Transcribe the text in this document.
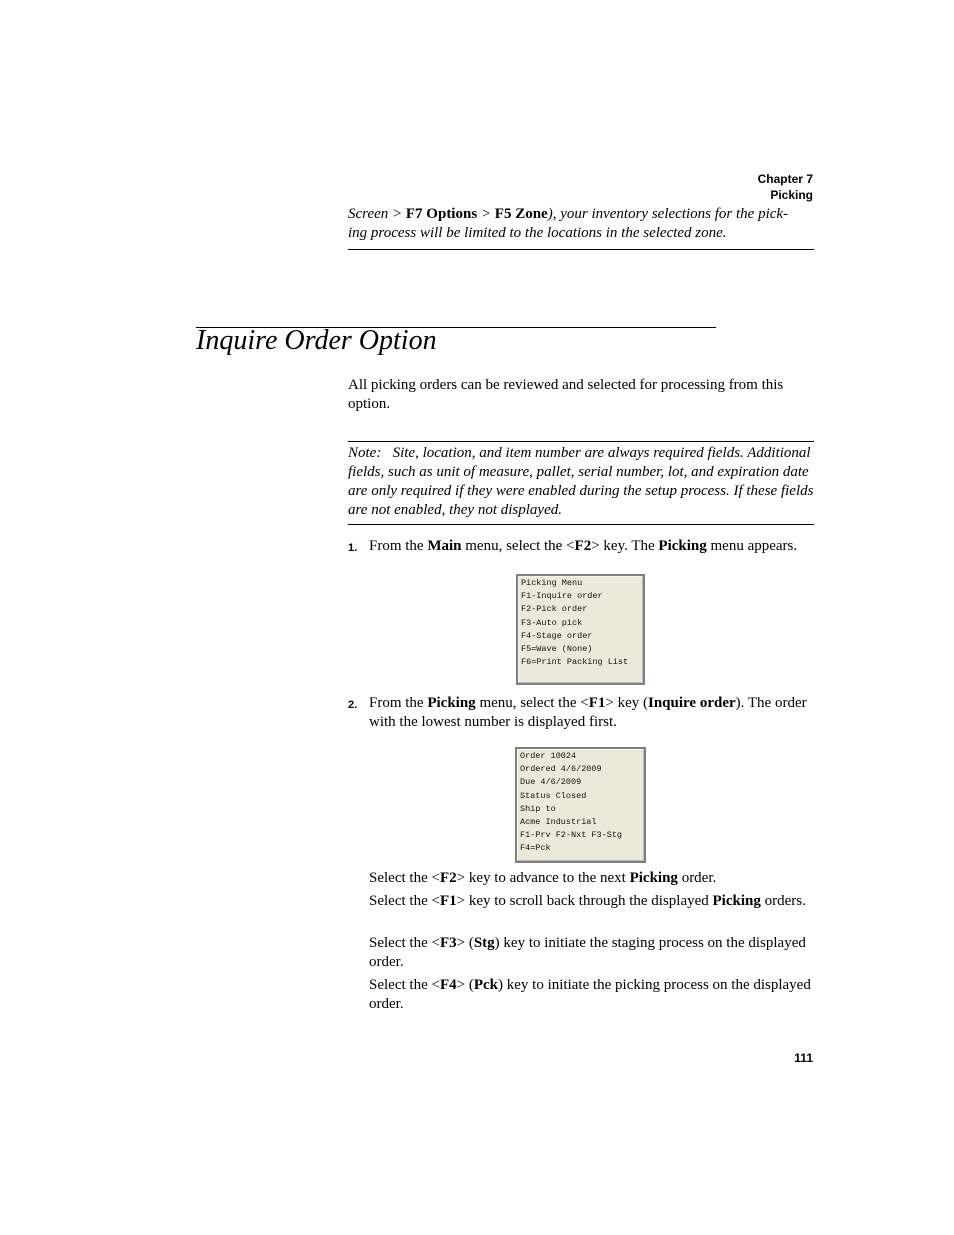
Chapter 7
Picking
Screen > F7 Options > F5 Zone), your inventory selections for the pick-
ing process will be limited to the locations in the selected zone.
Inquire Order Option
All picking orders can be reviewed and selected for processing from this option.
Note: Site, location, and item number are always required fields. Additional fields, such as unit of measure, pallet, serial number, lot, and expiration date are only required if they were enabled during the setup process. If these fields are not enabled, they not displayed.
1. From the Main menu, select the <F2> key. The Picking menu appears.
Picking Menu
F1-Inquire order
F2-Pick order
F3-Auto pick
F4-Stage order
F5=Wave (None)
F6=Print Packing List
2. From the Picking menu, select the <F1> key (Inquire order). The order with the lowest number is displayed first.
Order 10024
Ordered 4/6/2009
Due 4/6/2009
Status Closed
Ship to
Acme Industrial
F1-Prv F2-Nxt F3-Stg
F4=Pck
Select the <F2> key to advance to the next Picking order.
Select the <F1> key to scroll back through the displayed Picking orders.
Select the <F3> (Stg) key to initiate the staging process on the displayed order.
Select the <F4> (Pck) key to initiate the picking process on the displayed order.
111
